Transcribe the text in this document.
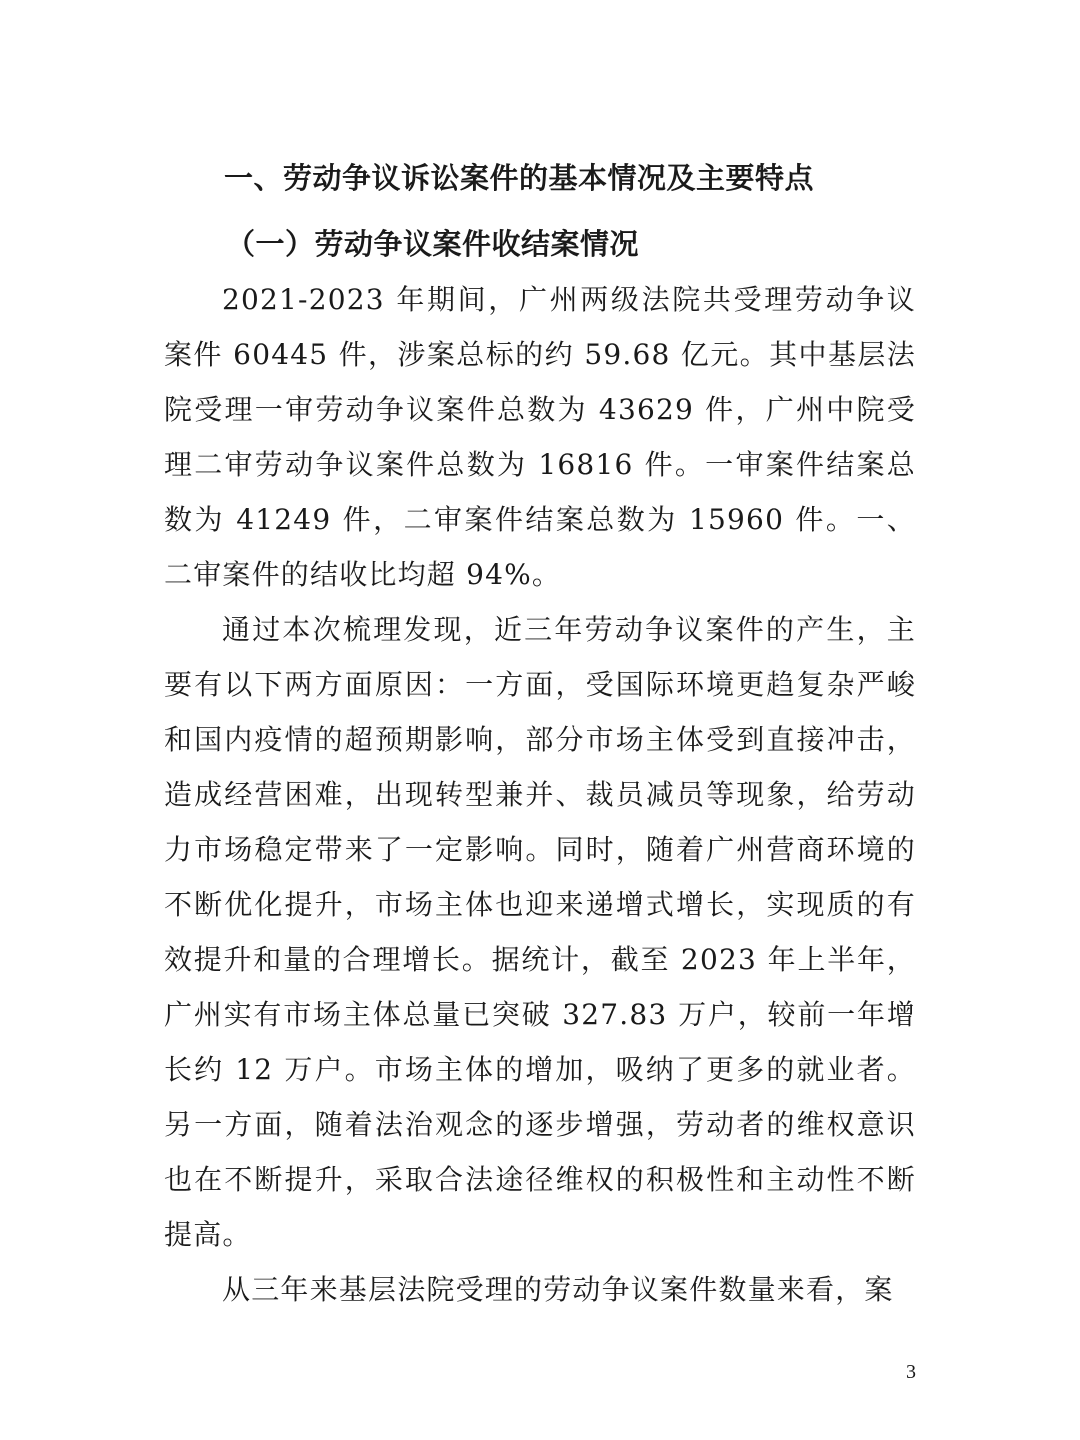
一、劳动争议诉讼案件的基本情况及主要特点
（一）劳动争议案件收结案情况

2021-2023 年期间，广州两级法院共受理劳动争议案件 60445 件，涉案总标的约 59.68 亿元。其中基层法院受理一审劳动争议案件总数为 43629 件，广州中院受理二审劳动争议案件总数为 16816 件。一审案件结案总数为 41249 件，二审案件结案总数为 15960 件。一、二审案件的结收比均超 94%。

通过本次梳理发现，近三年劳动争议案件的产生，主要有以下两方面原因：一方面，受国际环境更趋复杂严峻和国内疫情的超预期影响，部分市场主体受到直接冲击，造成经营困难，出现转型兼并、裁员减员等现象，给劳动力市场稳定带来了一定影响。同时，随着广州营商环境的不断优化提升，市场主体也迎来递增式增长，实现质的有效提升和量的合理增长。据统计，截至 2023 年上半年，广州实有市场主体总量已突破 327.83 万户，较前一年增长约 12 万户。市场主体的增加，吸纳了更多的就业者。另一方面，随着法治观念的逐步增强，劳动者的维权意识也在不断提升，采取合法途径维权的积极性和主动性不断提高。

从三年来基层法院受理的劳动争议案件数量来看，案

3
